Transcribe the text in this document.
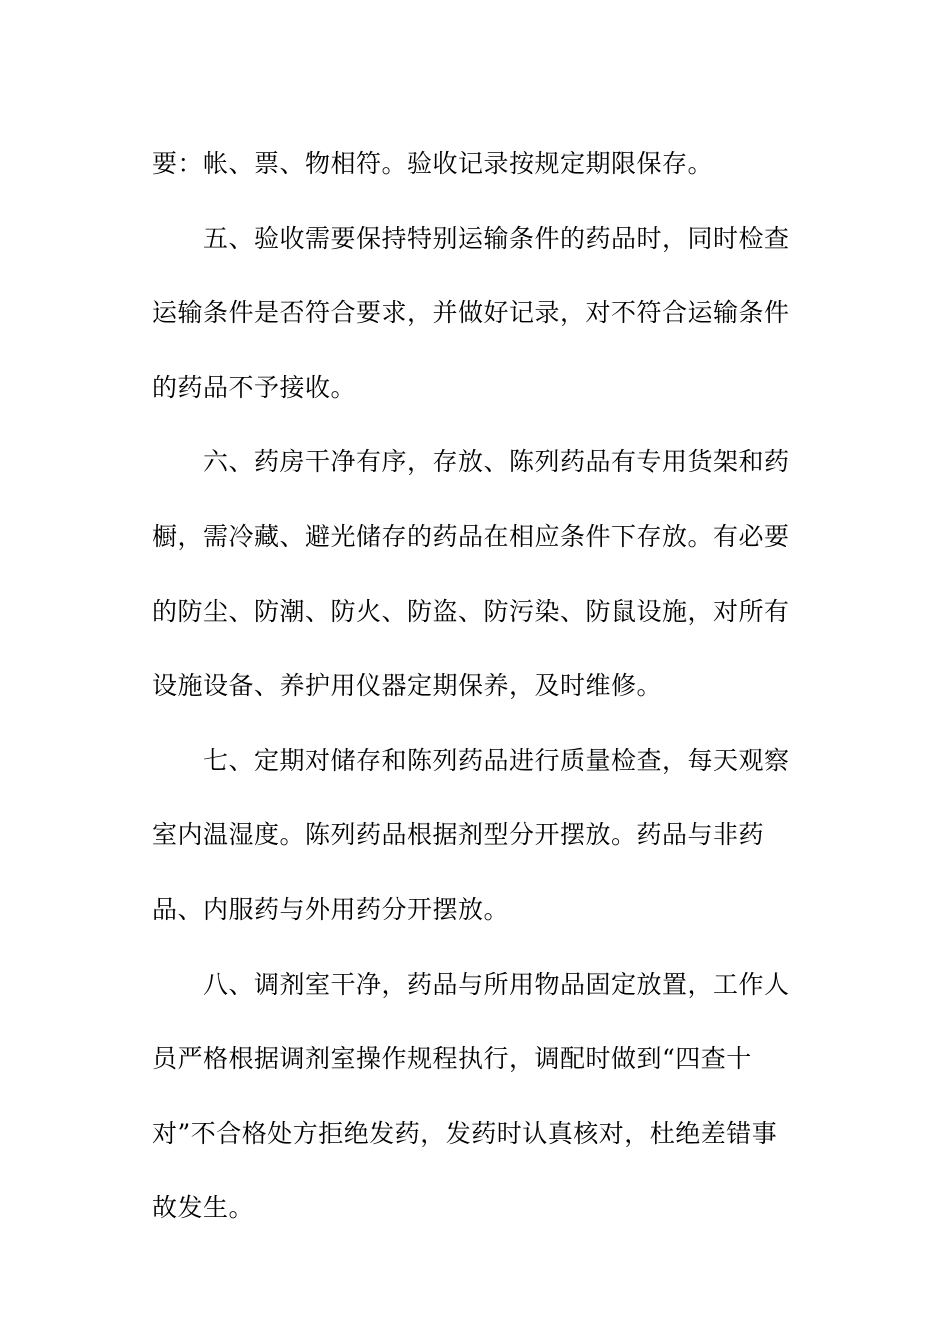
要：帐、票、物相符。验收记录按规定期限保存。
五、验收需要保持特别运输条件的药品时，同时检查
运输条件是否符合要求，并做好记录，对不符合运输条件
的药品不予接收。
六、药房干净有序，存放、陈列药品有专用货架和药
橱，需冷藏、避光储存的药品在相应条件下存放。有必要
的防尘、防潮、防火、防盗、防污染、防鼠设施，对所有
设施设备、养护用仪器定期保养，及时维修。
七、定期对储存和陈列药品进行质量检查，每天观察
室内温湿度。陈列药品根据剂型分开摆放。药品与非药
品、内服药与外用药分开摆放。
八、调剂室干净，药品与所用物品固定放置，工作人
员严格根据调剂室操作规程执行，调配时做到“四查十
对”不合格处方拒绝发药，发药时认真核对，杜绝差错事
故发生。
